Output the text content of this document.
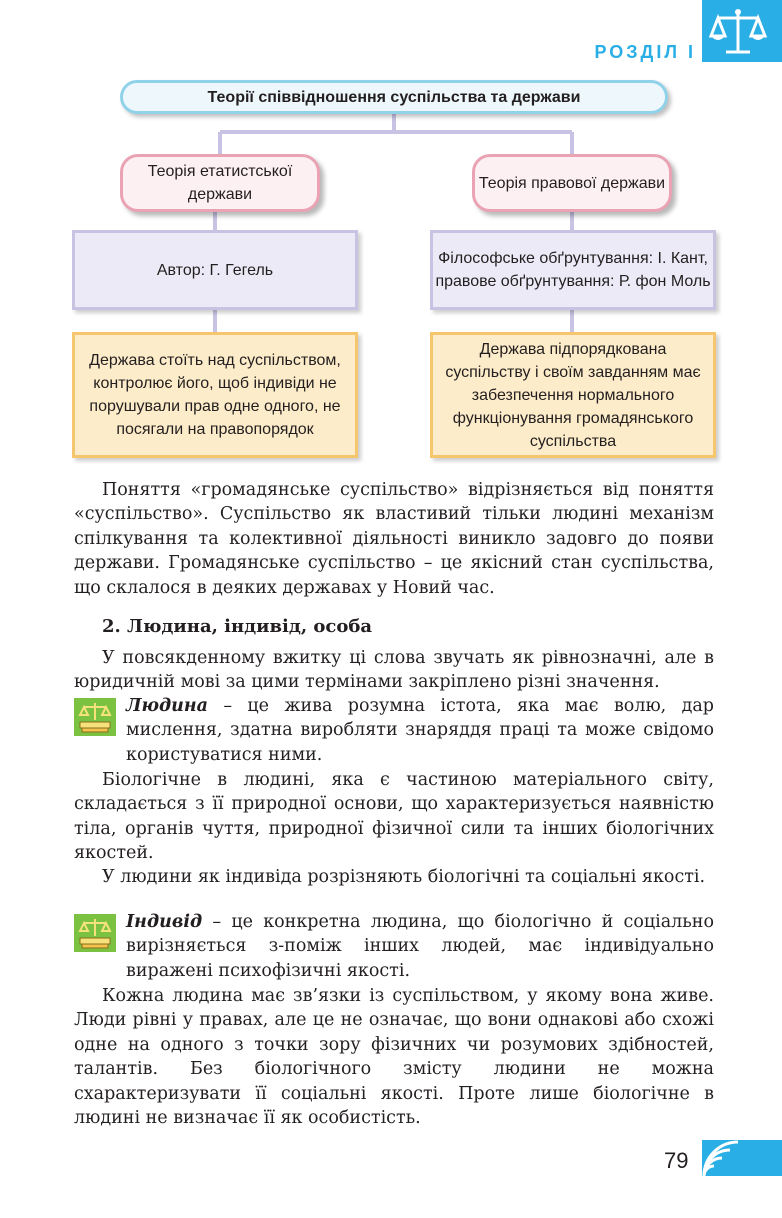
РОЗДІЛ І
Теорії співвідношення суспільства та держави
Теорія етатистської держави
Теорія правової держави
Автор: Г. Гегель
Філософське обґрунтування: І. Кант, правове обґрунтування: Р. фон Моль
Держава стоїть над суспільством, контролює його, щоб індивіди не порушували прав одне одного, не посягали на правопорядок
Держава підпорядкована суспільству і своїм завданням має забезпечення нормального функціонування громадянського суспільства
Поняття «громадянське суспільство» відрізняється від поняття «суспільство». Суспільство як властивий тільки людині механізм спілкування та колективної діяльності виникло задовго до появи держави. Громадянське суспільство – це якісний стан суспільства, що склалося в деяких державах у Новий час.
2. Людина, індивід, особа
У повсякденному вжитку ці слова звучать як рівнозначні, але в юридичній мові за цими термінами закріплено різні значення.
Людина – це жива розумна істота, яка має волю, дар мислення, здатна виробляти знаряддя праці та може свідомо користуватися ними.
Біологічне в людині, яка є частиною матеріального світу, складається з її природної основи, що характеризується наявністю тіла, органів чуття, природної фізичної сили та інших біологічних якостей.
У людини як індивіда розрізняють біологічні та соціальні якості.
Індивід – це конкретна людина, що біологічно й соціально вирізняється з-поміж інших людей, має індивідуально виражені психофізичні якості.
Кожна людина має зв’язки із суспільством, у якому вона живе. Люди рівні у правах, але це не означає, що вони однакові або схожі одне на одного з точки зору фізичних чи розумових здібностей, талантів. Без біологічного змісту людини не можна схарактеризувати її соціальні якості. Проте лише біологічне в людині не визначає її як особистість.
79
